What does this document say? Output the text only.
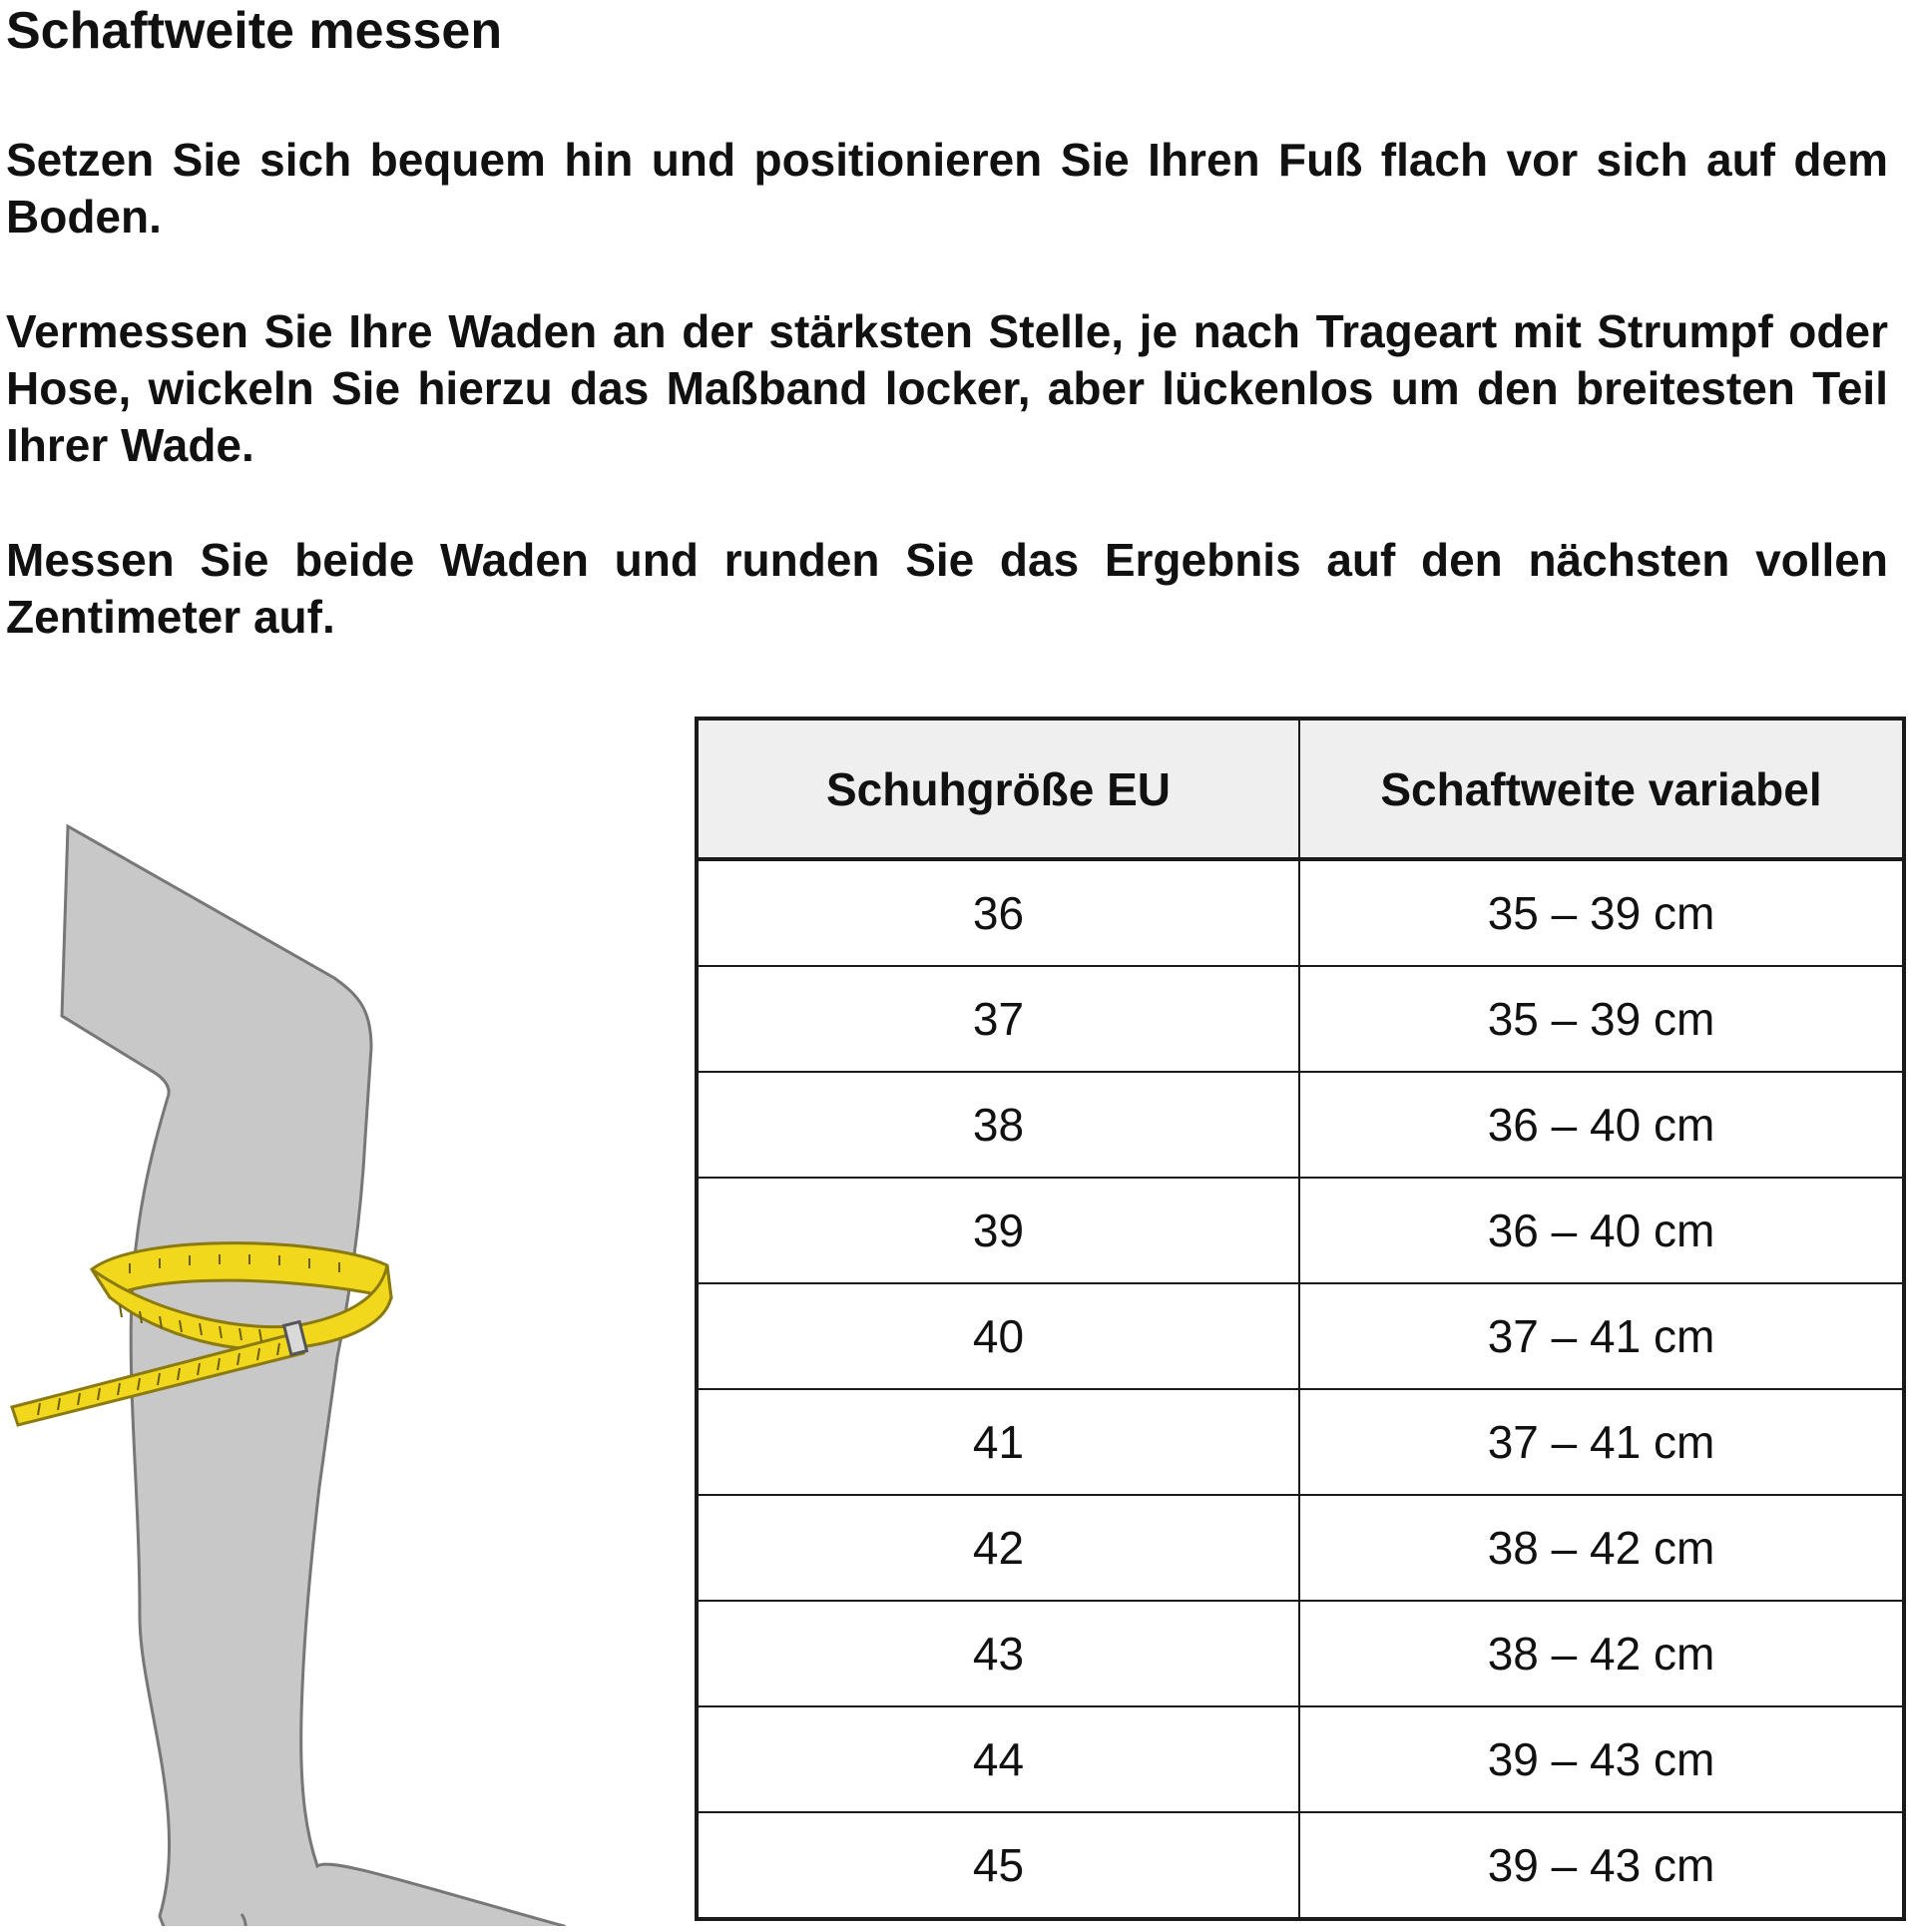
Schaftweite messen

Setzen Sie sich bequem hin und positionieren Sie Ihren Fuß flach vor sich auf dem Boden.

Vermessen Sie Ihre Waden an der stärksten Stelle, je nach Trageart mit Strumpf oder Hose, wickeln Sie hierzu das Maßband locker, aber lückenlos um den breitesten Teil Ihrer Wade.

Messen Sie beide Waden und runden Sie das Ergebnis auf den nächsten vollen Zentimeter auf.

Schuhgröße EU	Schaftweite variabel
36	35 – 39 cm
37	35 – 39 cm
38	36 – 40 cm
39	36 – 40 cm
40	37 – 41 cm
41	37 – 41 cm
42	38 – 42 cm
43	38 – 42 cm
44	39 – 43 cm
45	39 – 43 cm
